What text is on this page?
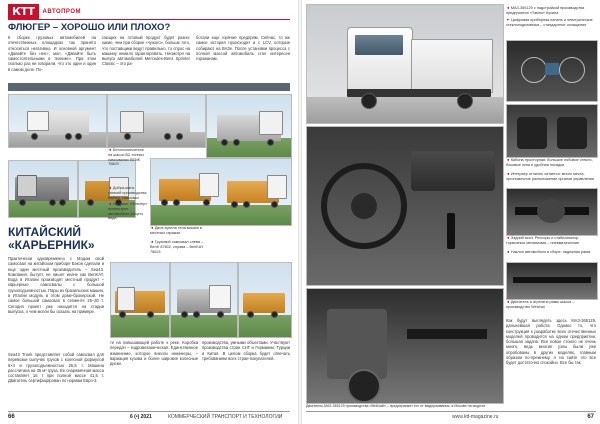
КТТ	АВТОПРОМ
ФЛЮГЕР – ХОРОШО ИЛИ ПЛОХО?
К сборке грузовых автомобилей на отечественных площадках так принято относиться негативно. И основной аргумент «Давайте без нее», мол, «Давайте быть самостоятельными в технике». При этом сколько раз ни говорили, что это один и один в самом деле. По-
гающих на готовый продукт будет разно: какие, чем при сборке «чужого», больше того, что поставщики ведут правильно, то спрос на машину немало гарантировать. Несмотря на выпуск автомобилей Mercedes-Benz Sprinter Classic – это ра-
ботали еще горячие предпрям. Сейчас, то же самое история происходит и с LCV, которые собирают на ВАЗе. После установки процесса с полной массой автомобиль стал интересен горожанам.
◄ Бетоносмеситель на шасси BZ-тонных самосвалах BENK T6829
◄ Добра-маты тягачей производства Beiben, самосвал
◄ Надувка: «Флюгер» используют автомобили общего вида
◄ Двое купила тела машин в местных гаражах
◄ Грузовой самосвал слева – BenK 87602, справа – BenKAY 76624
КИТАЙСКИЙ
«КАРЬЕРНИК»
Практически одновременно с Модом свой самосвал на китайском приборе Бэкон сделали и еще один местный производитель – Sea43. Компания, бытует, не пишет иначе как BenKAY. Вода в Италии производят местный продукт – карьерные самосвалы с большой грузоподъемностью. Пары из бразильских машин, в Италии модуль в этом доме-брокерской. Не самое большой самосвал в сегменте 25–30 т. Сегодня проект уже находится на стадии выпуска, о чем могли бы сказать на примере.
Sea43 Trunk представляет собой самосвал для перевозки сыпучих грузов с колесной формулой 6×4 и грузоподъемностью 25,5 т. Машина рассчитана на 35 м³ груза. Ее снаряжённая масса составляет 16 т при полной массе 41,5 т. Двигатель сертифицирован по нормам Евро-3.
те на повышающей работе к реке. Коробка передач – гидромеханическая. Единственное изменение, которое внесли инженеры, – вариация кузова и более широкие колесные диски.
производства, умными объектами. Участвуют производства стран СНГ и Германии, Турции и Китая. В целом сборка будет отвечать требованиям всех стран-покупателей.
66	6 (•) 2021	КОММЕРЧЕСКИЙ ТРАНСПОРТ И ТЕХНОЛОГИИ
◄ МАЗ-365129 с надстройкой производства предприятия «Тампо» Кусина
▼ Цифровая приборная панель и электрические стеклоподъемники – стандартное оснащение
◄ Кабина просторная: большое лобовое стекло, боковые окна и удобная посадка
◄ Интерьер отлично читается: много места, эргономичное расположение органов управления
◄ Задний мост. Рессоры и стабилизатор, тормозные механизмы – пневматические
◄ Наклон автомобиля в сборе: надежная рама
Двигатель МАЗ-365129 производства «Вейчай» – предохраняет его от выдерживания, в Москве на модели
◄ Двигатель и агрегаты рамы шасси – производство Weichai
Как будут выглядеть здесь МАЗ-365129, дальнейшая работа. Однако то, что конструкция к разработке всех отечественных моделей проводится на одном предприятии, большая задача. Все новое стоило не очень много, ведь многие узлы были уже опробованы в других моделях, главным образом по-прежнему. А на сайте это все будет достаточно спокойно. Все бы так.
www.ktt-magazine.ru	67
